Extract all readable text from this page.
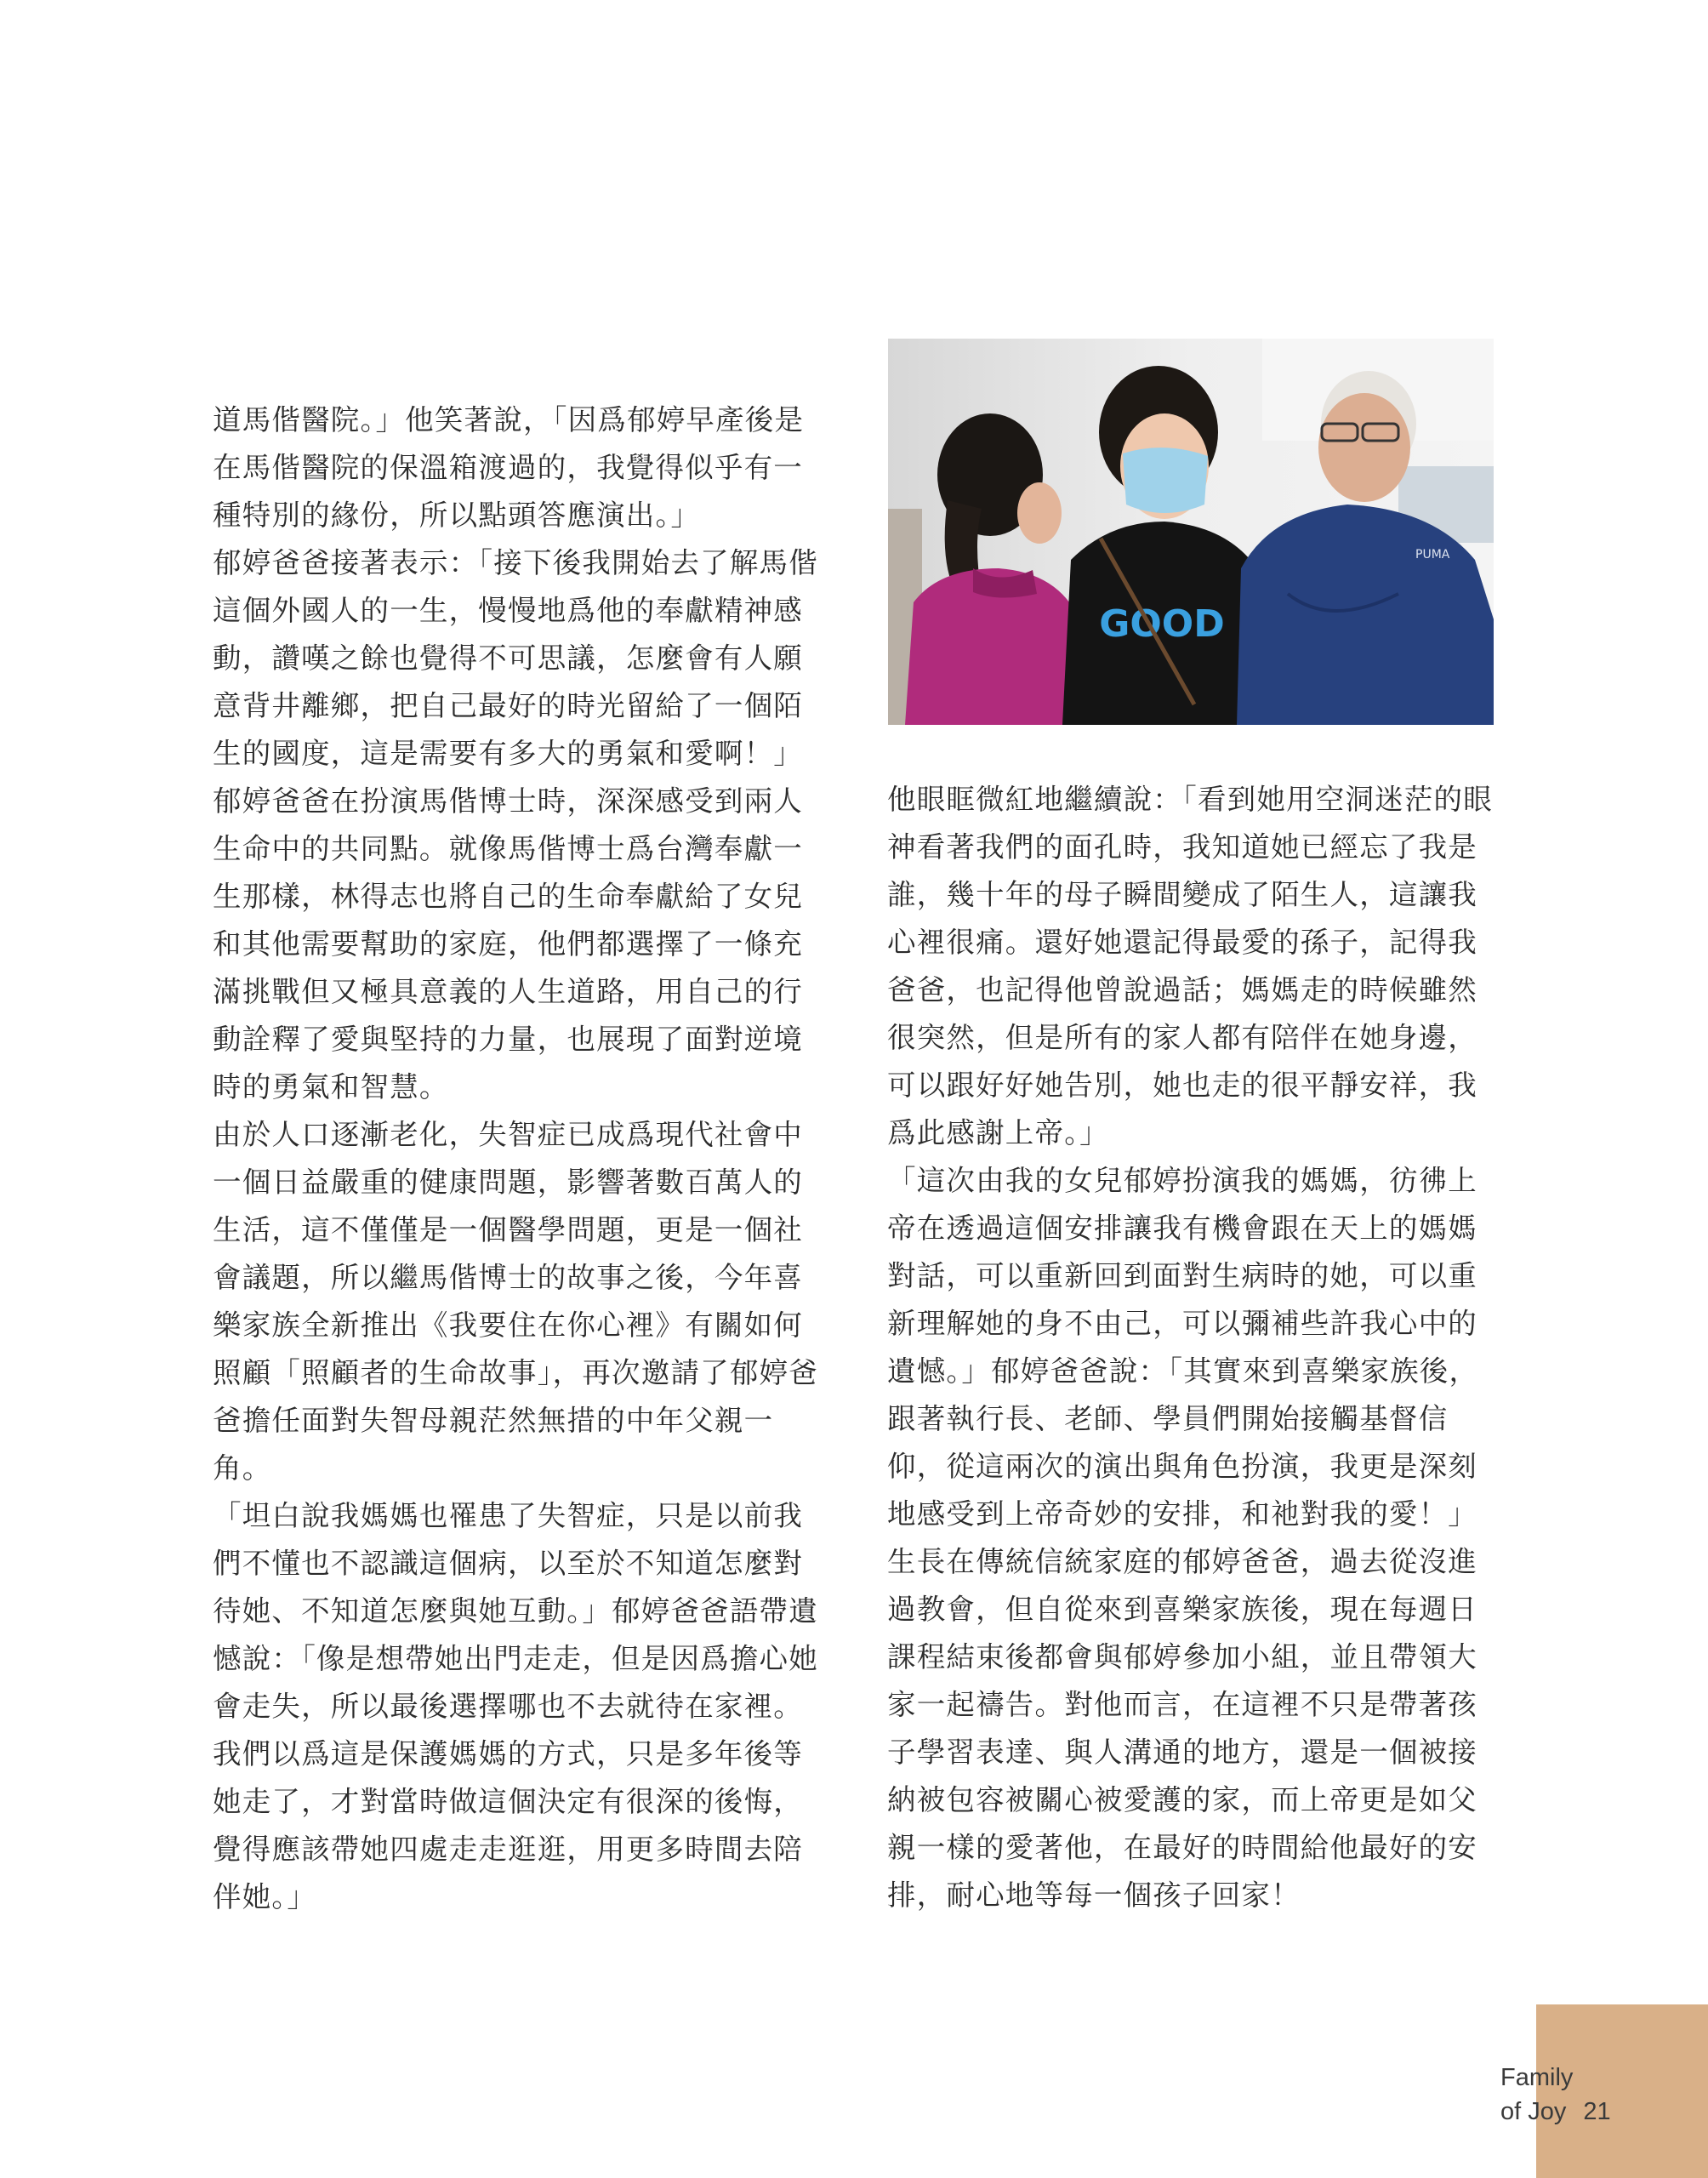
道馬偕醫院。」他笑著說，「因爲郁婷早產後是在馬偕醫院的保溫箱渡過的，我覺得似乎有一種特別的緣份，所以點頭答應演出。」

郁婷爸爸接著表示：「接下後我開始去了解馬偕這個外國人的一生，慢慢地爲他的奉獻精神感動，讚嘆之餘也覺得不可思議，怎麼會有人願意背井離鄉，把自己最好的時光留給了一個陌生的國度，這是需要有多大的勇氣和愛啊！」

郁婷爸爸在扮演馬偕博士時，深深感受到兩人生命中的共同點。就像馬偕博士爲台灣奉獻一生那樣，林得志也將自己的生命奉獻給了女兒和其他需要幫助的家庭，他們都選擇了一條充滿挑戰但又極具意義的人生道路，用自己的行動詮釋了愛與堅持的力量，也展現了面對逆境時的勇氣和智慧。

由於人口逐漸老化，失智症已成爲現代社會中一個日益嚴重的健康問題，影響著數百萬人的生活，這不僅僅是一個醫學問題，更是一個社會議題，所以繼馬偕博士的故事之後，今年喜樂家族全新推出《我要住在你心裡》有關如何照顧「照顧者的生命故事」，再次邀請了郁婷爸爸擔任面對失智母親茫然無措的中年父親一角。

「坦白說我媽媽也罹患了失智症，只是以前我們不懂也不認識這個病，以至於不知道怎麼對待她、不知道怎麼與她互動。」郁婷爸爸語帶遺憾說：「像是想帶她出門走走，但是因爲擔心她會走失，所以最後選擇哪也不去就待在家裡。我們以爲這是保護媽媽的方式，只是多年後等她走了，才對當時做這個決定有很深的後悔，覺得應該帶她四處走走逛逛，用更多時間去陪伴她。」

GOOD
PUMA

他眼眶微紅地繼續說：「看到她用空洞迷茫的眼神看著我們的面孔時，我知道她已經忘了我是誰，幾十年的母子瞬間變成了陌生人，這讓我心裡很痛。還好她還記得最愛的孫子，記得我爸爸，也記得他曾說過話；媽媽走的時候雖然很突然，但是所有的家人都有陪伴在她身邊，可以跟好好她告別，她也走的很平靜安祥，我爲此感謝上帝。」

「這次由我的女兒郁婷扮演我的媽媽，彷彿上帝在透過這個安排讓我有機會跟在天上的媽媽對話，可以重新回到面對生病時的她，可以重新理解她的身不由己，可以彌補些許我心中的遺憾。」郁婷爸爸說：「其實來到喜樂家族後，跟著執行長、老師、學員們開始接觸基督信仰，從這兩次的演出與角色扮演，我更是深刻地感受到上帝奇妙的安排，和祂對我的愛！」

生長在傳統信統家庭的郁婷爸爸，過去從沒進過教會，但自從來到喜樂家族後，現在每週日課程結束後都會與郁婷參加小組，並且帶領大家一起禱告。對他而言，在這裡不只是帶著孩子學習表達、與人溝通的地方，還是一個被接納被包容被關心被愛護的家，而上帝更是如父親一樣的愛著他，在最好的時間給他最好的安排，耐心地等每一個孩子回家！

Family
of Joy 21
